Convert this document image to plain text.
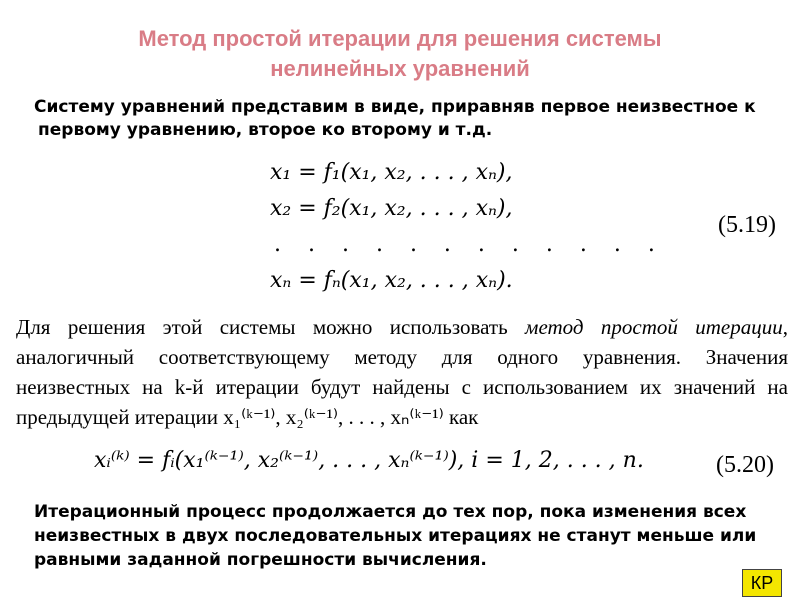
Метод простой итерации для решения системы
нелинейных уравнений
Систему уравнений представим в виде, приравняв первое неизвестное к
первому уравнению, второе ко второму и т.д.
x₁ = f₁(x₁, x₂, . . . , xₙ),
x₂ = f₂(x₁, x₂, . . . , xₙ),
. . . . . . . . . . . .
xₙ = fₙ(x₁, x₂, . . . , xₙ).
(5.19)
Для решения этой системы можно использовать метод простой итерации, аналогичный соответствующему методу для одного уравнения. Значения неизвестных на k-й итерации будут найдены с использованием их значений на предыдущей итерации x₁⁽ᵏ⁻¹⁾, x₂⁽ᵏ⁻¹⁾, . . . , xₙ⁽ᵏ⁻¹⁾ как
xᵢ⁽ᵏ⁾ = fᵢ(x₁⁽ᵏ⁻¹⁾, x₂⁽ᵏ⁻¹⁾, . . . , xₙ⁽ᵏ⁻¹⁾), i = 1, 2, . . . , n.	(5.20)
Итерационный процесс продолжается до тех пор, пока изменения всех неизвестных в двух последовательных итерациях не станут меньше или равными заданной погрешности вычисления.
КР
